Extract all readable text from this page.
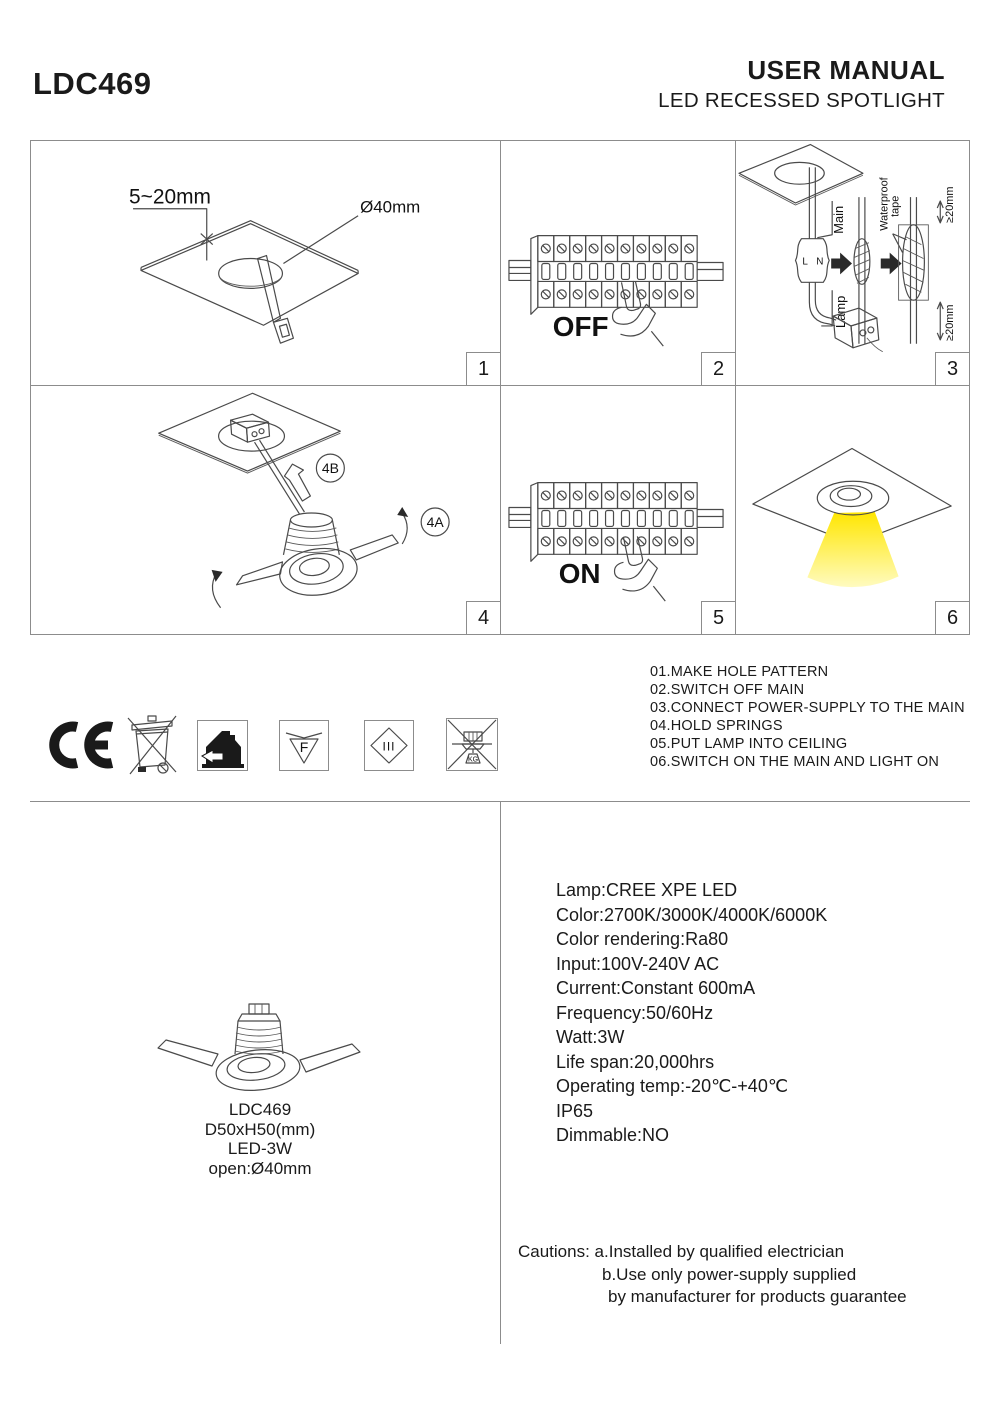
LDC469	USER MANUAL
LED RECESSED SPOTLIGHT
5~20mm	Ø40mm
1
OFF
2
Main
L N
Lamp
Waterproof
tape	≥20mm
≥20mm
3
4B
4A
4
ON
5	6
F	III
KG
01.MAKE HOLE PATTERN
02.SWITCH OFF MAIN
03.CONNECT POWER-SUPPLY TO THE MAIN
04.HOLD SPRINGS
05.PUT LAMP INTO CEILING
06.SWITCH ON THE MAIN AND LIGHT ON
LDC469
D50xH50(mm)
LED-3W
open:Ø40mm
Lamp:CREE XPE LED
Color:2700K/3000K/4000K/6000K
Color rendering:Ra80
Input:100V-240V AC
Current:Constant 600mA
Frequency:50/60Hz
Watt:3W
Life span:20,000hrs
Operating temp:-20℃-+40℃
IP65
Dimmable:NO
Cautions: a.Installed by qualified electrician
b.Use only power-supply supplied
by manufacturer for products guarantee
